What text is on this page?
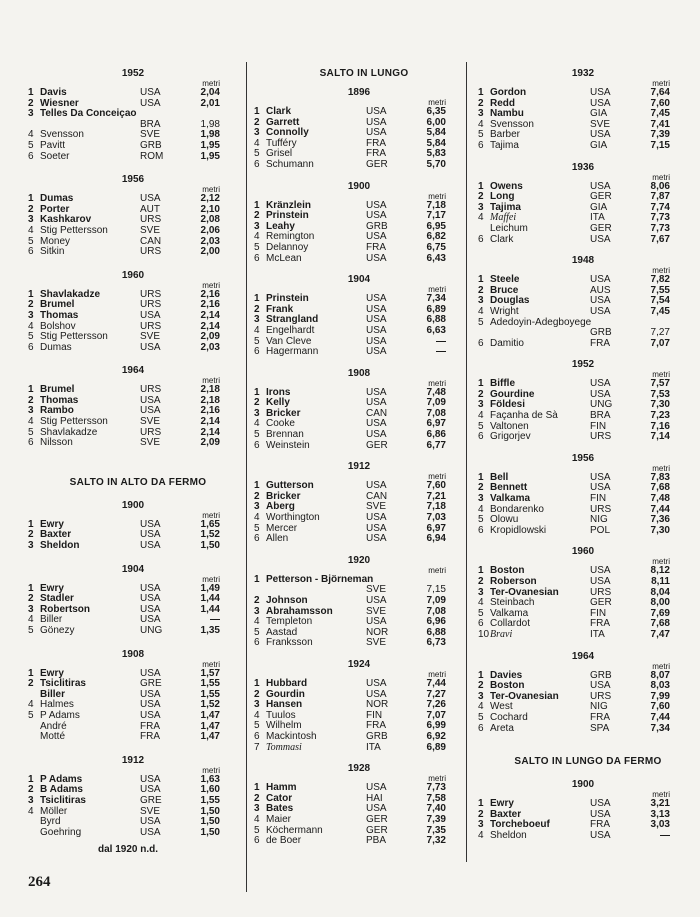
1952
metri
1 Davis	USA	2,04
2 Wiesner	USA	2,01
3 Telles Da Conceiçao
BRA	1,98
4 Svensson	SVE	1,98
5 Pavitt	GRB	1,95
6 Soeter	ROM	1,95
1956
metri
1 Dumas	USA	2,12
2 Porter	AUT	2,10
3 Kashkarov	URS	2,08
4 Stig Pettersson	SVE	2,06
5 Money	CAN	2,03
6 Sitkin	URS	2,00
1960
metri
1 Shavlakadze	URS	2,16
2 Brumel	URS	2,16
3 Thomas	USA	2,14
4 Bolshov	URS	2,14
5 Stig Pettersson	SVE	2,09
6 Dumas	USA	2,03
1964
metri
1 Brumel	URS	2,18
2 Thomas	USA	2,18
3 Rambo	USA	2,16
4 Stig Pettersson	SVE	2,14
5 Shavlakadze	URS	2,14
6 Nilsson	SVE	2,09
SALTO IN ALTO DA FERMO
1900
metri
1 Ewry	USA	1,65
2 Baxter	USA	1,52
3 Sheldon	USA	1,50
1904
metri
1 Ewry	USA	1,49
2 Stadler	USA	1,44
3 Robertson	USA	1,44
4 Biller	USA	—
5 Gönezy	UNG	1,35
1908
metri
1 Ewry	USA	1,57
2 Tsiclitiras	GRE	1,55
Biller	USA	1,55
4 Halmes	USA	1,52
5 P Adams	USA	1,47
André	FRA	1,47
Motté	FRA	1,47
1912
metri
1 P Adams	USA	1,63
2 B Adams	USA	1,60
3 Tsiclitiras	GRE	1,55
4 Möller	SVE	1,50
Byrd	USA	1,50
Goehring	USA	1,50
dal 1920 n.d.
SALTO IN LUNGO
1896
metri
1 Clark	USA	6,35
2 Garrett	USA	6,00
3 Connolly	USA	5,84
4 Tufféry	FRA	5,84
5 Grisel	FRA	5,83
6 Schumann	GER	5,70
1900
metri
1 Kränzlein	USA	7,18
2 Prinstein	USA	7,17
3 Leahy	GRB	6,95
4 Remington	USA	6,82
5 Delannoy	FRA	6,75
6 McLean	USA	6,43
1904
metri
1 Prinstein	USA	7,34
2 Frank	USA	6,89
3 Strangland	USA	6,88
4 Engelhardt	USA	6,63
5 Van Cleve	USA	—
6 Hagermann	USA	—
1908
metri
1 Irons	USA	7,48
2 Kelly	USA	7,09
3 Bricker	CAN	7,08
4 Cooke	USA	6,97
5 Brennan	USA	6,86
6 Weinstein	GER	6,77
1912
metri
1 Gutterson	USA	7,60
2 Bricker	CAN	7,21
3 Aberg	SVE	7,18
4 Worthington	USA	7,03
5 Mercer	USA	6,97
6 Allen	USA	6,94
1920
metri
1 Petterson - Björneman
SVE	7,15
2 Johnson	USA	7,09
3 Abrahamsson	SVE	7,08
4 Templeton	USA	6,96
5 Aastad	NOR	6,88
6 Franksson	SVE	6,73
1924
metri
1 Hubbard	USA	7,44
2 Gourdin	USA	7,27
3 Hansen	NOR	7,26
4 Tuulos	FIN	7,07
5 Wilhelm	FRA	6,99
6 Mackintosh	GRB	6,92
7 Tommasi	ITA	6,89
1928
metri
1 Hamm	USA	7,73
2 Cator	HAI	7,58
3 Bates	USA	7,40
4 Maier	GER	7,39
5 Köchermann	GER	7,35
6 de Boer	PBA	7,32
1932
metri
1 Gordon	USA	7,64
2 Redd	USA	7,60
3 Nambu	GIA	7,45
4 Svensson	SVE	7,41
5 Barber	USA	7,39
6 Tajima	GIA	7,15
1936
metri
1 Owens	USA	8,06
2 Long	GER	7,87
3 Tajima	GIA	7,74
4 Maffei	ITA	7,73
Leichum	GER	7,73
6 Clark	USA	7,67
1948
metri
1 Steele	USA	7,82
2 Bruce	AUS	7,55
3 Douglas	USA	7,54
4 Wright	USA	7,45
5 Adedoyin-Adegboyege
GRB	7,27
6 Damitio	FRA	7,07
1952
metri
1 Biffle	USA	7,57
2 Gourdine	USA	7,53
3 Földesi	UNG	7,30
4 Façanha de Sà	BRA	7,23
5 Valtonen	FIN	7,16
6 Grigorjev	URS	7,14
1956
metri
1 Bell	USA	7,83
2 Bennett	USA	7,68
3 Valkama	FIN	7,48
4 Bondarenko	URS	7,44
5 Olowu	NIG	7,36
6 Kropidlowski	POL	7,30
1960
metri
1 Boston	USA	8,12
2 Roberson	USA	8,11
3 Ter-Ovanesian	URS	8,04
4 Steinbach	GER	8,00
5 Valkama	FIN	7,69
6 Collardot	FRA	7,68
10 Bravi	ITA	7,47
1964
metri
1 Davies	GRB	8,07
2 Boston	USA	8,03
3 Ter-Ovanesian	URS	7,99
4 West	NIG	7,60
5 Cochard	FRA	7,44
6 Areta	SPA	7,34
SALTO IN LUNGO DA FERMO
1900
metri
1 Ewry	USA	3,21
2 Baxter	USA	3,13
3 Torcheboeuf	FRA	3,03
4 Sheldon	USA	—
264
